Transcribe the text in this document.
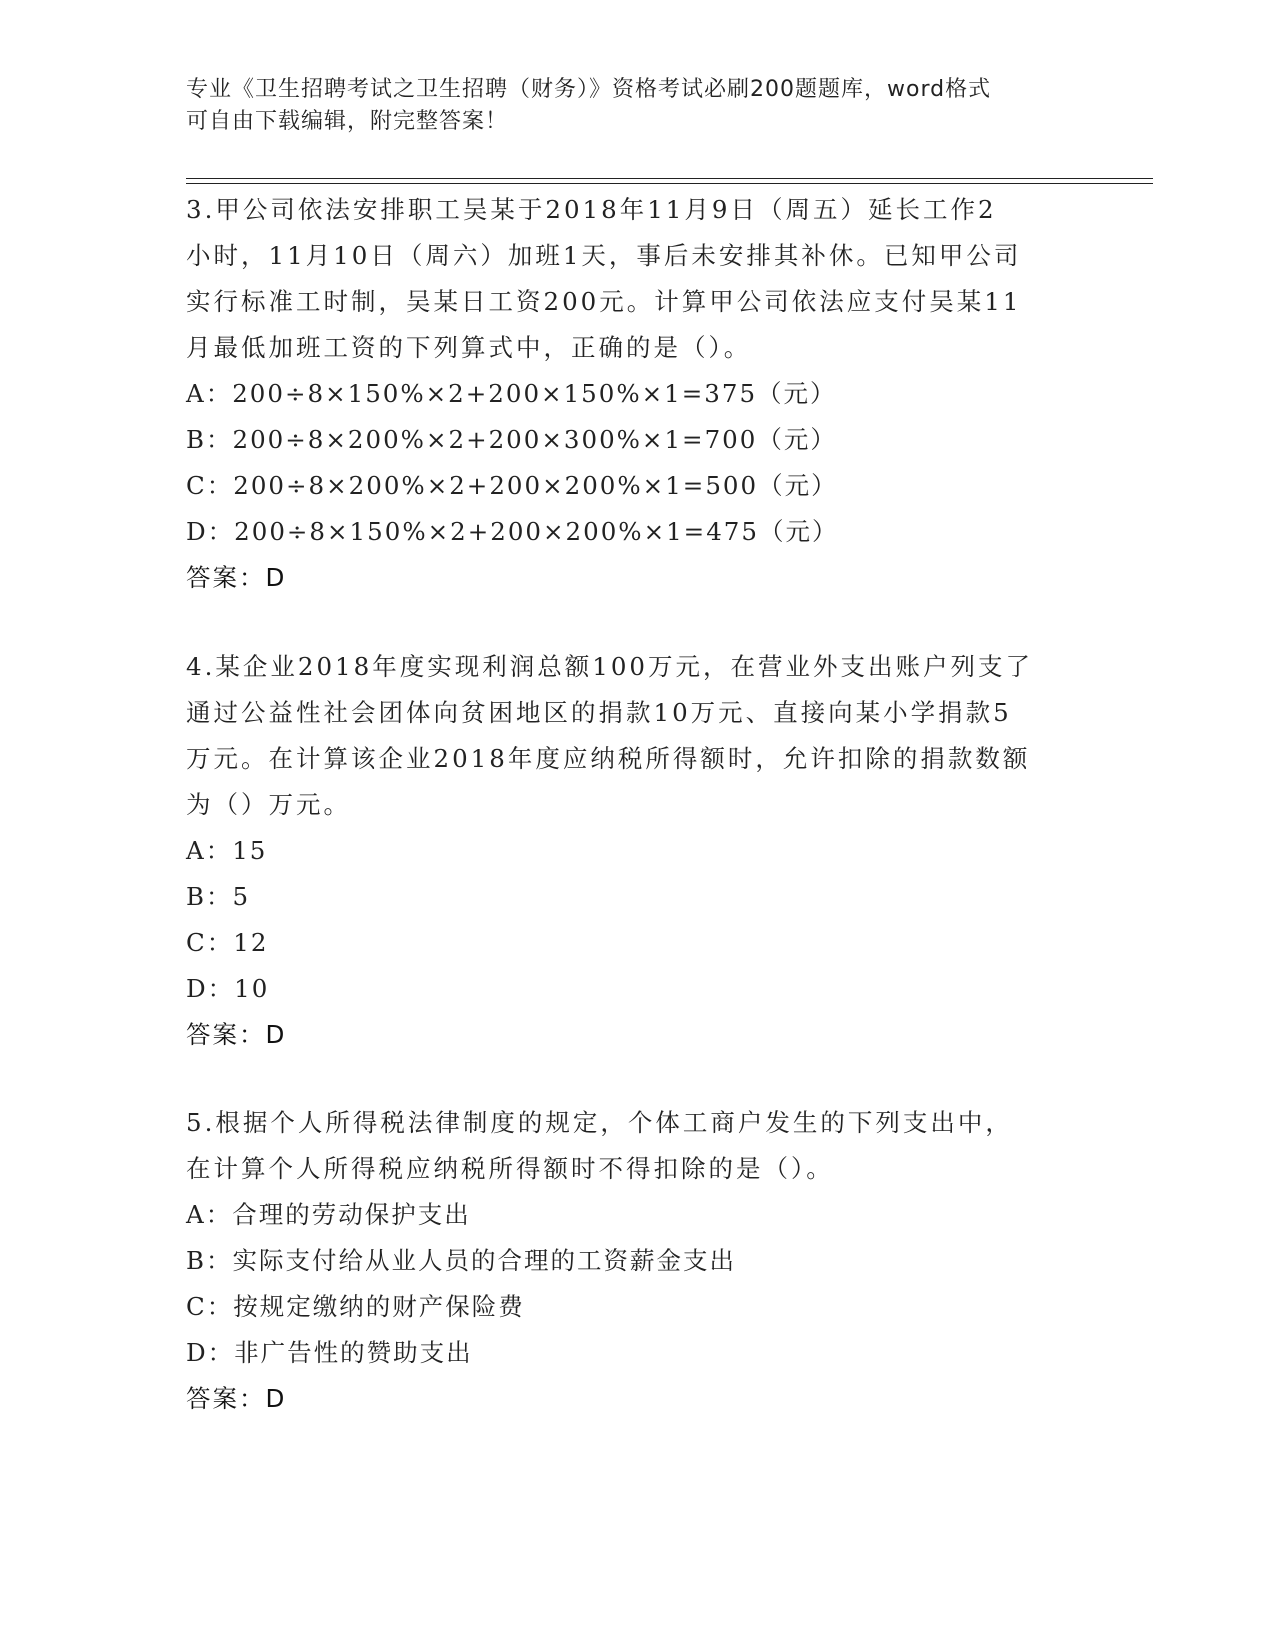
专业《卫生招聘考试之卫生招聘（财务）》资格考试必刷200题题库，word格式
可自由下载编辑，附完整答案！
3.甲公司依法安排职工吴某于2018年11月9日（周五）延长工作2
小时，11月10日（周六）加班1天，事后未安排其补休。已知甲公司
实行标准工时制，吴某日工资200元。计算甲公司依法应支付吴某11
月最低加班工资的下列算式中，正确的是（）。
A：200÷8×150%×2+200×150%×1=375（元）
B：200÷8×200%×2+200×300%×1=700（元）
C：200÷8×200%×2+200×200%×1=500（元）
D：200÷8×150%×2+200×200%×1=475（元）
答案：D
4.某企业2018年度实现利润总额100万元，在营业外支出账户列支了
通过公益性社会团体向贫困地区的捐款10万元、直接向某小学捐款5
万元。在计算该企业2018年度应纳税所得额时，允许扣除的捐款数额
为（）万元。
A：15
B：5
C：12
D：10
答案：D
5.根据个人所得税法律制度的规定，个体工商户发生的下列支出中，
在计算个人所得税应纳税所得额时不得扣除的是（）。
A：合理的劳动保护支出
B：实际支付给从业人员的合理的工资薪金支出
C：按规定缴纳的财产保险费
D：非广告性的赞助支出
答案：D
